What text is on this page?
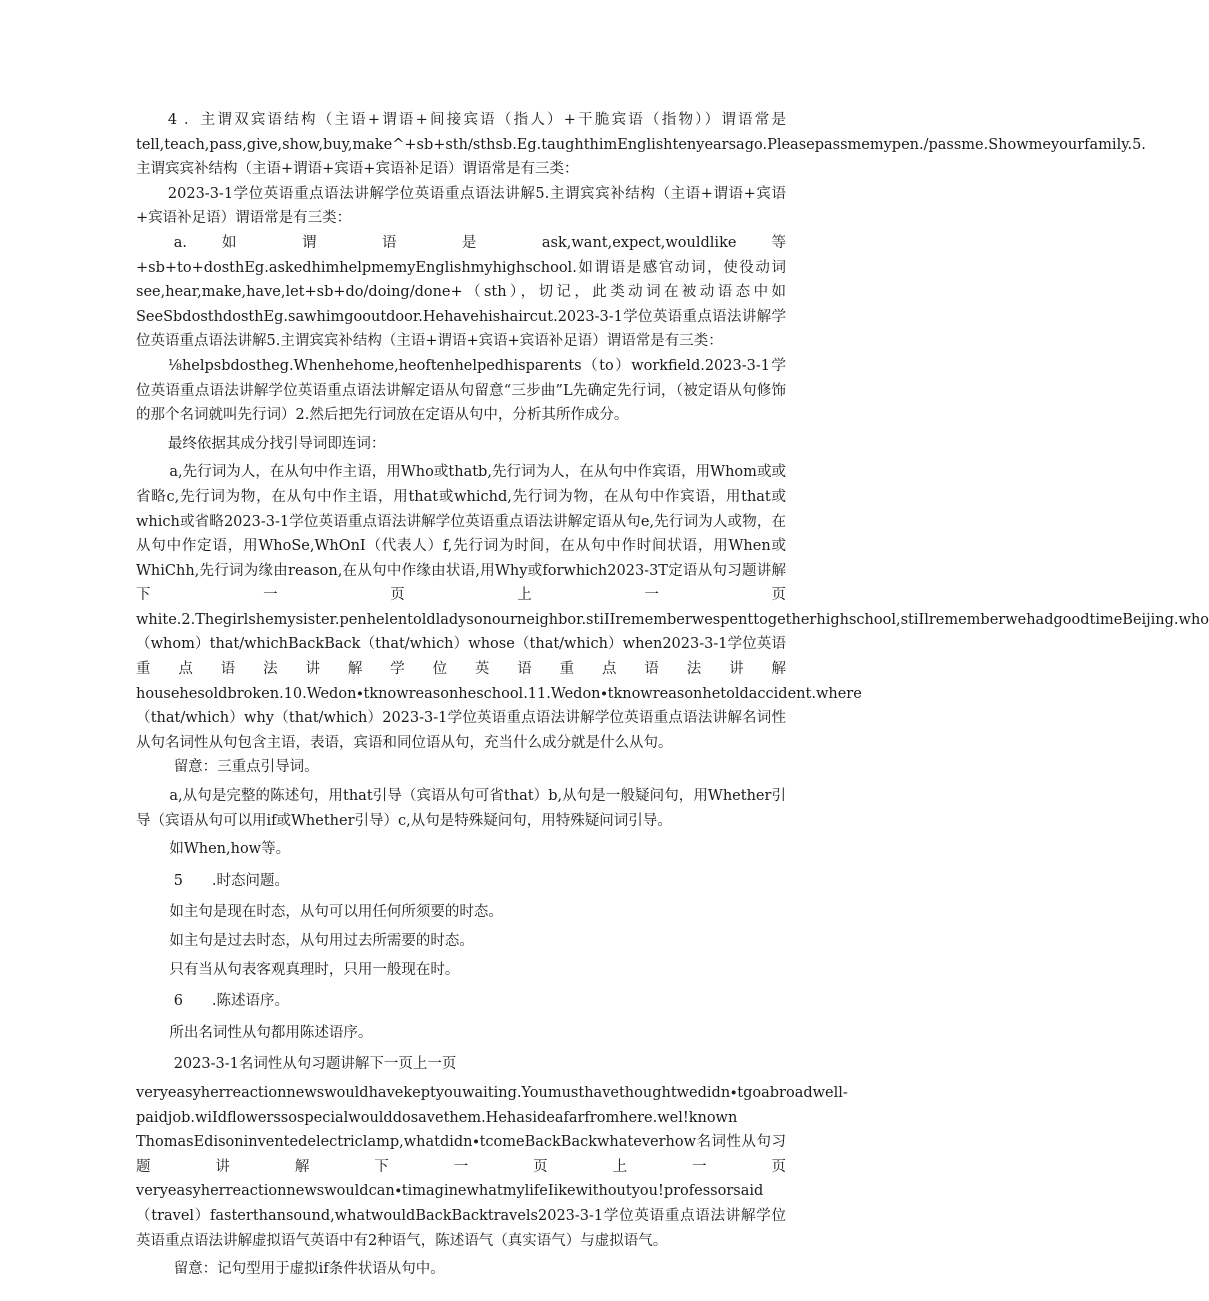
4 ．主谓双宾语结构（主语+谓语+间接宾语（指人）+干脆宾语（指物））谓语常是tell,teach,pass,give,show,buy,make^+sb+sth∕sthsb.Eg.taughthimEnglishtenyearsago.Pleasepassmemypen./passme.Showmeyourfamily.5.主谓宾宾补结构（主语+谓语+宾语+宾语补足语）谓语常是有三类：

2023-3-1学位英语重点语法讲解学位英语重点语法讲解5.主谓宾宾补结构（主语+谓语+宾语+宾语补足语）谓语常是有三类：

a. 如 谓 语 是 ask,want,expect,wouldlike 等+sb+to+dosthEg.askedhimhelpmemyEnglishmyhighschool.如谓语是感官动词，使役动词see,hear,make,have,let+sb+do/doing/done+（sth），切记，此类动词在被动语态中如SeeSbdosthdosthEg.sawhimgooutdoor.Hehavehishaircut.2023-3-1学位英语重点语法讲解学位英语重点语法讲解5.主谓宾宾补结构（主语+谓语+宾语+宾语补足语）谓语常是有三类：

⅛helpsbdostheg.Whenhehome,heoftenhelpedhisparents（to）workfield.2023-3-1学位英语重点语法讲解学位英语重点语法讲解定语从句留意“三步曲”L先确定先行词，（被定语从句修饰的那个名词就叫先行词）2.然后把先行词放在定语从句中，分析其所作成分。

最终依据其成分找引导词即连词：

a,先行词为人，在从句中作主语，用Who或thatb,先行词为人，在从句中作宾语，用Whom或或省略c,先行词为物，在从句中作主语，用that或whichd,先行词为物，在从句中作宾语，用that或which或省略2023-3-1学位英语重点语法讲解学位英语重点语法讲解定语从句e,先行词为人或物，在从句中作定语，用WhoSe,WhOnI（代表人）f,先行词为时间，在从句中作时间状语，用When或WhiChh,先行词为缘由reason,在从句中作缘由状语,用Why或forwhich2023-3T定语从句习题讲解下一页上一页white.2.Thegirlshemysister.penhelentoldladysonourneighbor.stiIIrememberwespenttogetherhighschool,stiIlrememberwehadgoodtimeBeijing.who（whom）that/whichBackBack（that/which）whose（that/which）when2023-3-1学位英语重点语法讲解学位英语重点语法讲解househesoldbroken.10.Wedon∙tknowreasonheschool.11.Wedon∙tknowreasonhetoldaccident.where（that/which）why（that/which）2023-3-1学位英语重点语法讲解学位英语重点语法讲解名词性从句名词性从句包含主语，表语，宾语和同位语从句，充当什么成分就是什么从句。

留意：三重点引导词。

a,从句是完整的陈述句，用that引导（宾语从句可省that）b,从句是一般疑问句，用Whether引导（宾语从句可以用if或Whether引导）c,从句是特殊疑问句，用特殊疑问词引导。

如When,how等。

5　　.时态问题。

如主句是现在时态，从句可以用任何所须要的时态。

如主句是过去时态，从句用过去所需要的时态。

只有当从句表客观真理时，只用一般现在时。

6　　.陈述语序。

所出名词性从句都用陈述语序。

2023-3-1名词性从句习题讲解下一页上一页

veryeasyherreactionnewswouldhavekeptyouwaiting.Youmusthavethoughtwedidn∙tgoabroadwell-paidjob.wiIdflowerssospecialwoulddosavethem.Hehasideafarfromhere.wel!known

ThomasEdisoninventedelectriclamp,whatdidn∙tcomeBackBackwhateverhow名词性从句习题讲解下一页上一页veryeasyherreactionnewswouldcan∙timaginewhatmylifeIikewithoutyou!professorsaid（travel）fasterthansound,whatwouldBackBacktravels2023-3-1学位英语重点语法讲解学位英语重点语法讲解虚拟语气英语中有2种语气，陈述语气（真实语气）与虚拟语气。

留意：记句型用于虚拟if条件状语从句中。
